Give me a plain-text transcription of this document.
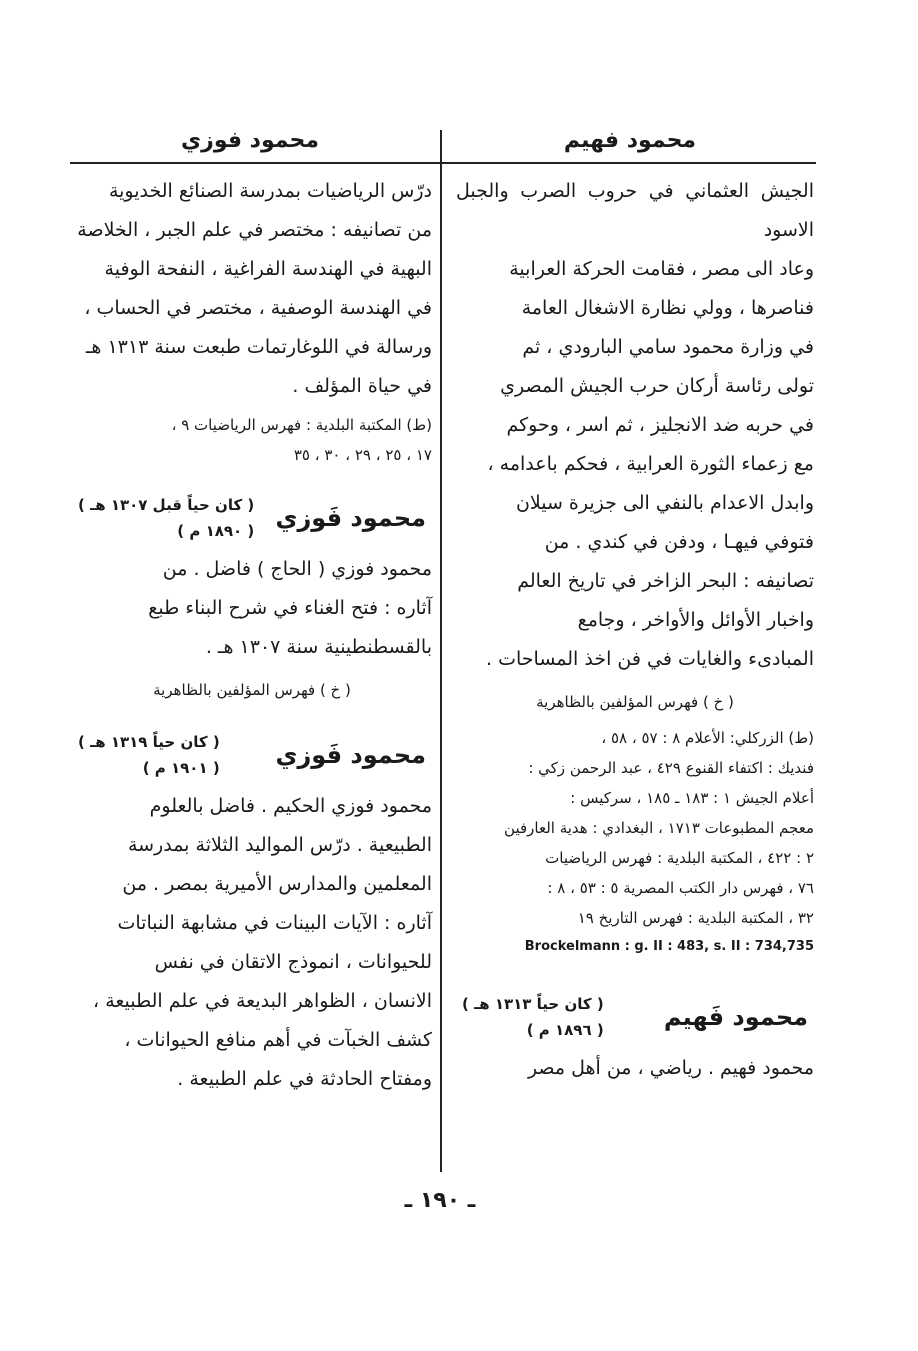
محمود فهيم
محمود فوزي

الجيش العثماني في حروب الصرب والجبل الاسود

وعاد الى مصر ، فقامت الحركة العرابية

فناصرها ، وولي نظارة الاشغال العامة

في وزارة محمود سامي البارودي ، ثم

تولى رئاسة أركان حرب الجيش المصري

في حربه ضد الانجليز ، ثم اسر ، وحوكم

مع زعماء الثورة العرابية ، فحكم باعدامه ،

وابدل الاعدام بالنفي الى جزيرة سيلان

فتوفي فيهـا ، ودفن في كندي . من

تصانيفه : البحر الزاخر في تاريخ العالم

واخبار الأوائل والأواخر ، وجامع

المبادىء والغايات في فن اخذ المساحات .

( خ ) فهرس المؤلفين بالظاهرية

(ط) الزركلي: الأعلام ٨ : ٥٧ ، ٥٨ ،

فنديك : اكتفاء القنوع ٤٢٩ ، عبد الرحمن زكي :

أعلام الجيش ١ : ١٨٣ ـ ١٨٥ ، سركيس :

معجم المطبوعات ١٧١٣ ، البغدادي : هدية العارفين

٢ : ٤٢٢ ، المكتبة البلدية : فهرس الرياضيات

٧٦ ، فهرس دار الكتب المصرية ٥ : ٥٣ ، ٨ :

٣٢ ، المكتبة البلدية : فهرس التاريخ ١٩

Brockelmann : g. II : 483, s. II : 734,735

محمود فَهيم
( كان حياً ١٣١٣ هـ )
( ١٨٩٦ م )

محمود فهيم . رياضي ، من أهل مصر

درّس الرياضيات بمدرسة الصنائع الخديوية

من تصانيفه : مختصر في علم الجبر ، الخلاصة

البهية في الهندسة الفراغية ، النفحة الوفية

في الهندسة الوصفية ، مختصر في الحساب ،

ورسالة في اللوغارتمات طبعت سنة ١٣١٣ هـ

في حياة المؤلف .

(ط) المكتبة البلدية : فهرس الرياضيات ٩ ،

١٧ ، ٢٥ ، ٢٩ ، ٣٠ ، ٣٥

محمود فَوزي
( كان حياً قبل ١٣٠٧ هـ )
( ١٨٩٠ م )

محمود فوزي ( الحاج ) فاضل . من

آثاره : فتح الغناء في شرح البناء طبع

بالقسطنطينية سنة ١٣٠٧ هـ .

( خ ) فهرس المؤلفين بالظاهرية
محمود فَوزي
( كان حياً ١٣١٩ هـ )
( ١٩٠١ م )

محمود فوزي الحكيم . فاضل بالعلوم

الطبيعية . درّس المواليد الثلاثة بمدرسة

المعلمين والمدارس الأميرية بمصر . من

آثاره : الآيات البينات في مشابهة النباتات

للحيوانات ، انموذج الاتقان في نفس

الانسان ، الظواهر البديعة في علم الطبيعة ،

كشف الخبآت في أهم منافع الحيوانات ،

ومفتاح الحادثة في علم الطبيعة .

ـ ١٩٠ ـ
